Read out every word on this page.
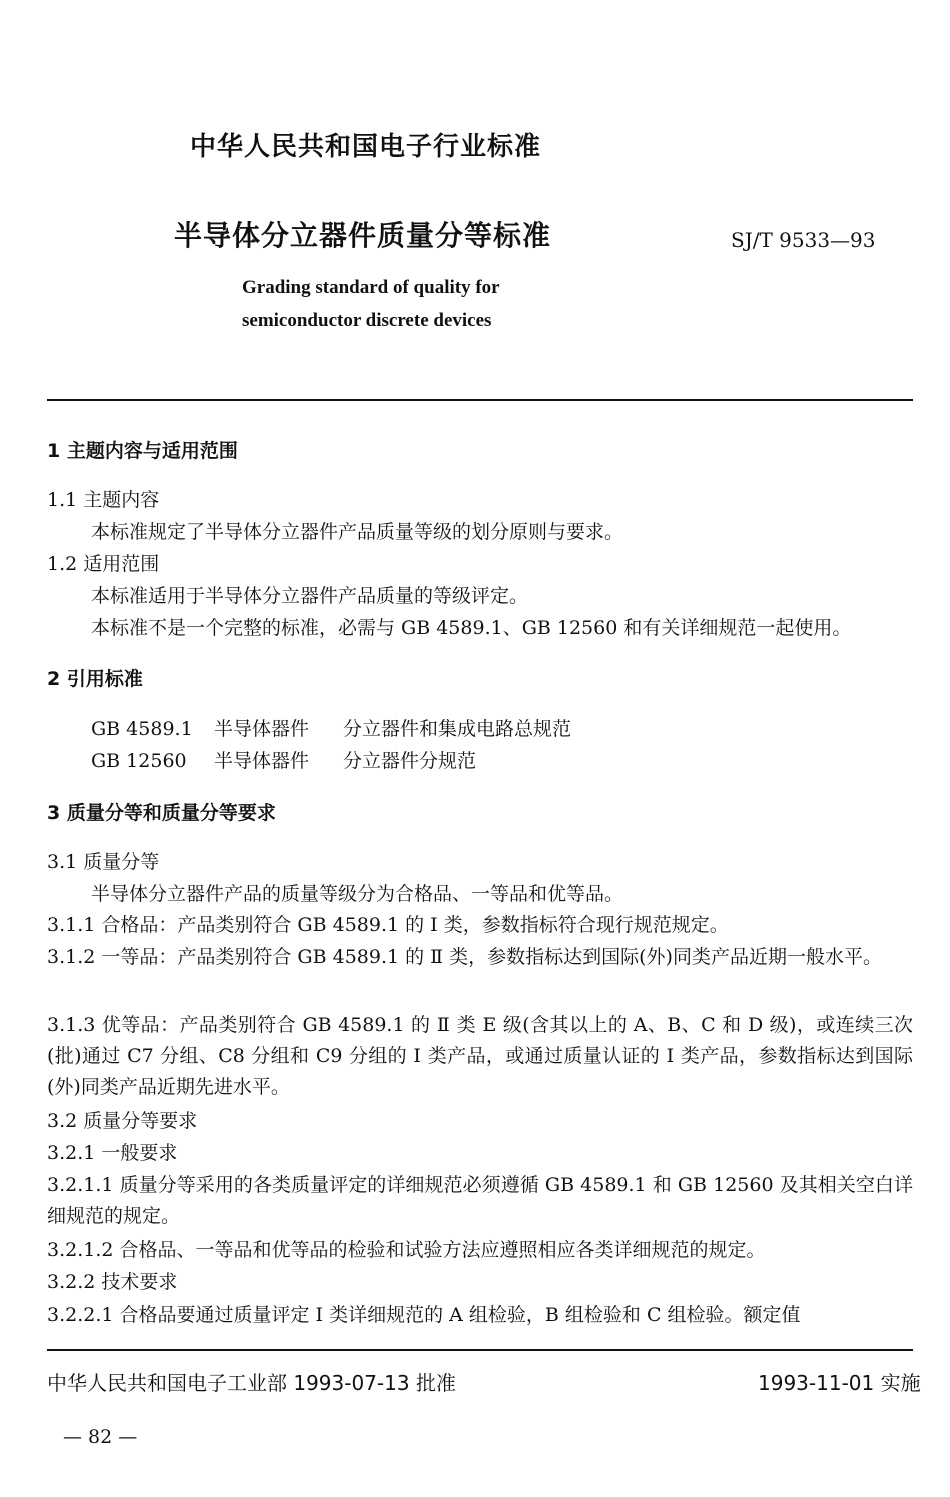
中华人民共和国电子行业标准
半导体分立器件质量分等标准	SJ/T 9533—93
Grading standard of quality for
semiconductor discrete devices
1 主题内容与适用范围
1.1 主题内容
本标准规定了半导体分立器件产品质量等级的划分原则与要求。
1.2 适用范围
本标准适用于半导体分立器件产品质量的等级评定。
本标准不是一个完整的标准，必需与 GB 4589.1、GB 12560 和有关详细规范一起使用。
2 引用标准
GB 4589.1 半导体器件 分立器件和集成电路总规范
GB 12560 半导体器件 分立器件分规范
3 质量分等和质量分等要求
3.1 质量分等
半导体分立器件产品的质量等级分为合格品、一等品和优等品。
3.1.1 合格品：产品类别符合 GB 4589.1 的 I 类，参数指标符合现行规范规定。
3.1.2 一等品：产品类别符合 GB 4589.1 的 Ⅱ 类，参数指标达到国际(外)同类产品近期一般水平。
3.1.3 优等品：产品类别符合 GB 4589.1 的 Ⅱ 类 E 级(含其以上的 A、B、C 和 D 级)，或连续三次(批)通过 C7 分组、C8 分组和 C9 分组的 Ⅰ 类产品，或通过质量认证的 Ⅰ 类产品，参数指标达到国际(外)同类产品近期先进水平。
3.2 质量分等要求
3.2.1 一般要求
3.2.1.1 质量分等采用的各类质量评定的详细规范必须遵循 GB 4589.1 和 GB 12560 及其相关空白详细规范的规定。
3.2.1.2 合格品、一等品和优等品的检验和试验方法应遵照相应各类详细规范的规定。
3.2.2 技术要求
3.2.2.1 合格品要通过质量评定 I 类详细规范的 A 组检验，B 组检验和 C 组检验。额定值
中华人民共和国电子工业部 1993-07-13 批准	1993-11-01 实施
— 82 —
